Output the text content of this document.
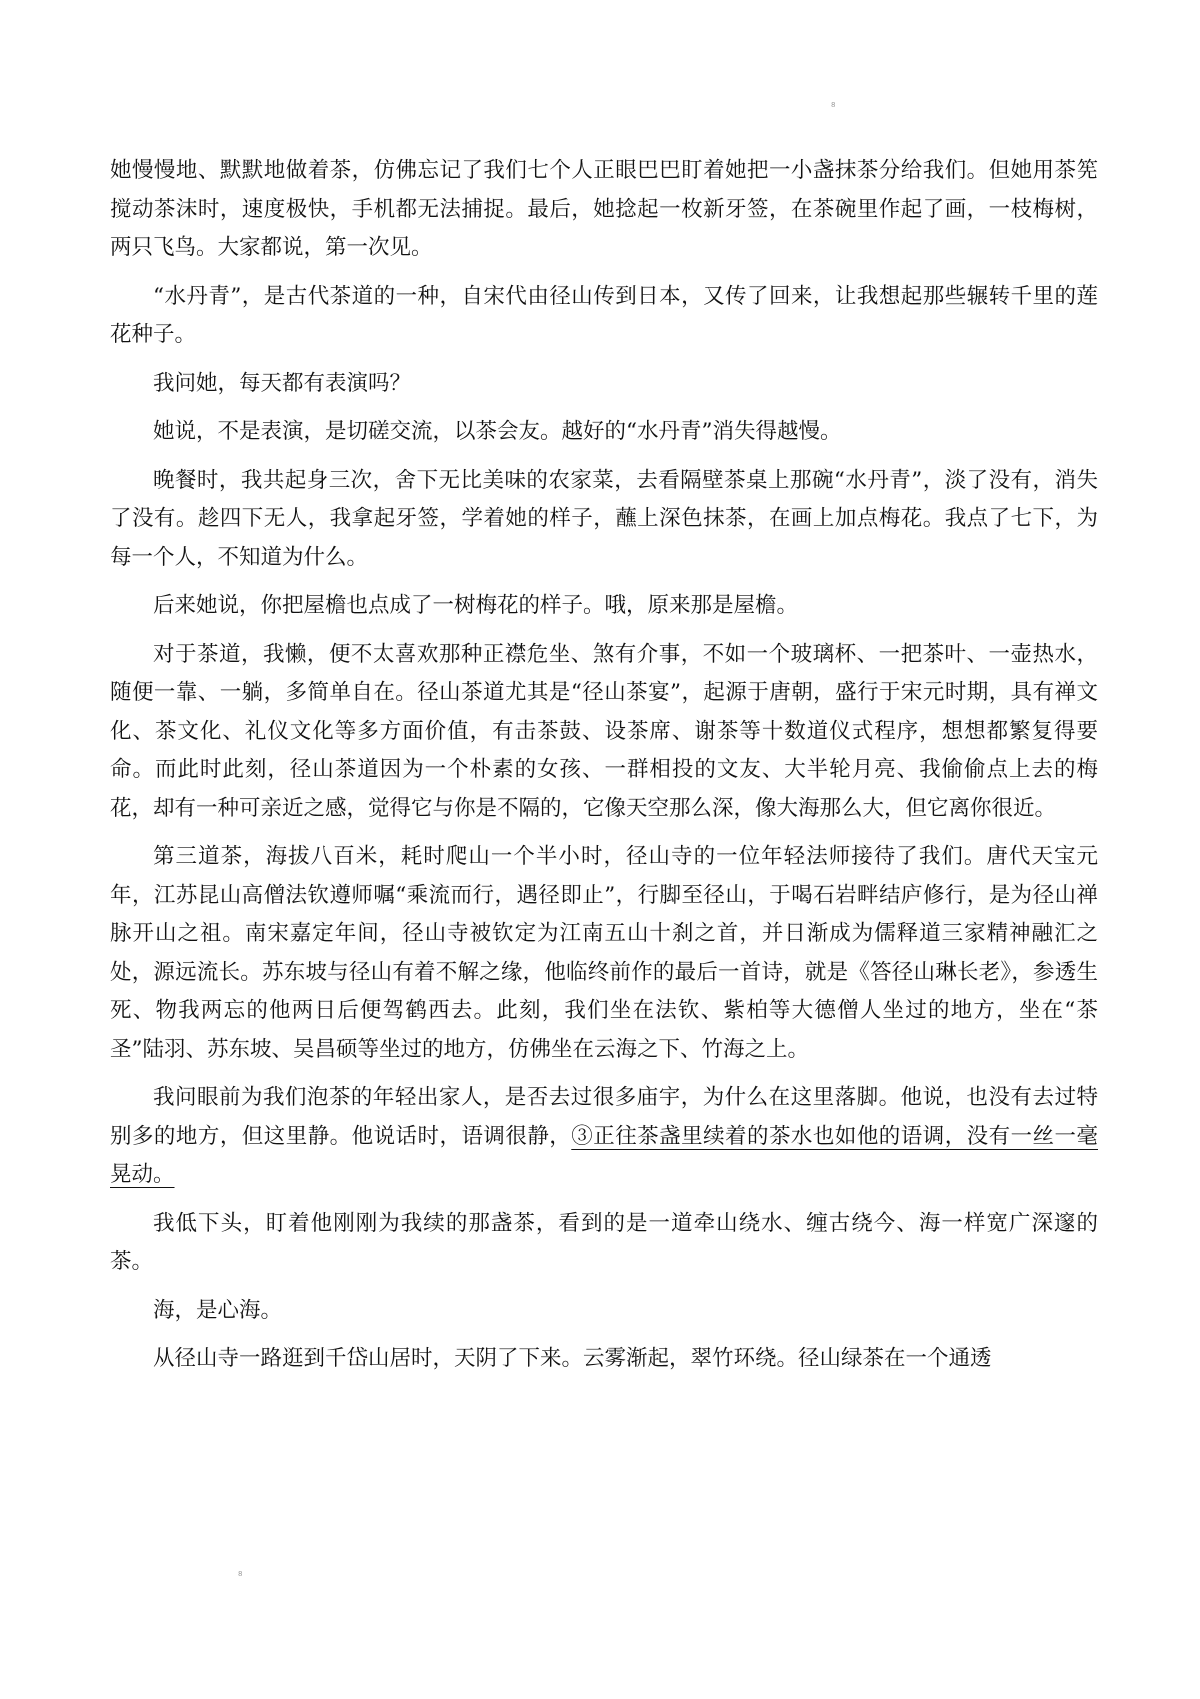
8

她慢慢地、默默地做着茶，仿佛忘记了我们七个人正眼巴巴盯着她把一小盏抹茶分给我们。但她用茶筅搅动茶沫时，速度极快，手机都无法捕捉。最后，她捻起一枚新牙签，在茶碗里作起了画，一枝梅树，两只飞鸟。大家都说，第一次见。

“水丹青”，是古代茶道的一种，自宋代由径山传到日本，又传了回来，让我想起那些辗转千里的莲花种子。

我问她，每天都有表演吗？

她说，不是表演，是切磋交流，以茶会友。越好的“水丹青”消失得越慢。

晚餐时，我共起身三次，舍下无比美味的农家菜，去看隔壁茶桌上那碗“水丹青”，淡了没有，消失了没有。趁四下无人，我拿起牙签，学着她的样子，蘸上深色抹茶，在画上加点梅花。我点了七下，为每一个人，不知道为什么。

后来她说，你把屋檐也点成了一树梅花的样子。哦，原来那是屋檐。

对于茶道，我懒，便不太喜欢那种正襟危坐、煞有介事，不如一个玻璃杯、一把茶叶、一壶热水，随便一靠、一躺，多简单自在。径山茶道尤其是“径山茶宴”，起源于唐朝，盛行于宋元时期，具有禅文化、茶文化、礼仪文化等多方面价值，有击茶鼓、设茶席、谢茶等十数道仪式程序，想想都繁复得要命。而此时此刻，径山茶道因为一个朴素的女孩、一群相投的文友、大半轮月亮、我偷偷点上去的梅花，却有一种可亲近之感，觉得它与你是不隔的，它像天空那么深，像大海那么大，但它离你很近。

第三道茶，海拔八百米，耗时爬山一个半小时，径山寺的一位年轻法师接待了我们。唐代天宝元年，江苏昆山高僧法钦遵师嘱“乘流而行，遇径即止”，行脚至径山，于喝石岩畔结庐修行，是为径山禅脉开山之祖。南宋嘉定年间，径山寺被钦定为江南五山十刹之首，并日渐成为儒释道三家精神融汇之处，源远流长。苏东坡与径山有着不解之缘，他临终前作的最后一首诗，就是《答径山琳长老》，参透生死、物我两忘的他两日后便驾鹤西去。此刻，我们坐在法钦、紫柏等大德僧人坐过的地方，坐在“茶圣”陆羽、苏东坡、吴昌硕等坐过的地方，仿佛坐在云海之下、竹海之上。

我问眼前为我们泡茶的年轻出家人，是否去过很多庙宇，为什么在这里落脚。他说，也没有去过特别多的地方，但这里静。他说话时，语调很静，③正往茶盏里续着的茶水也如他的语调，没有一丝一毫晃动。

我低下头，盯着他刚刚为我续的那盏茶，看到的是一道牵山绕水、缠古绕今、海一样宽广深邃的茶。

海，是心海。

从径山寺一路逛到千岱山居时，天阴了下来。云雾渐起，翠竹环绕。径山绿茶在一个通透

8
